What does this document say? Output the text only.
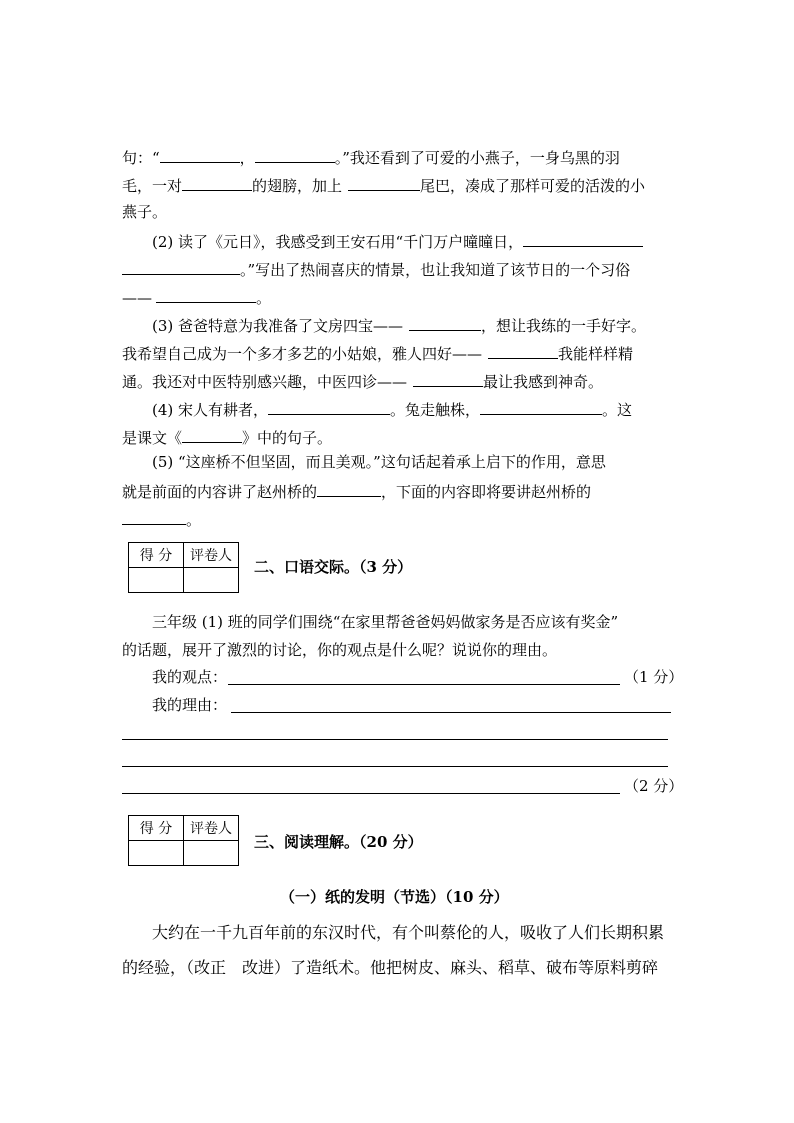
句：“	，	。”我还看到了可爱的小燕子，一身乌黑的羽
毛，一对	的翅膀，加上	尾巴，凑成了那样可爱的活泼的小
燕子。
(2) 读了《元日》，我感受到王安石用“千门万户曈曈日，
。”写出了热闹喜庆的情景，也让我知道了该节日的一个习俗
——	。
(3) 爸爸特意为我准备了文房四宝——	，想让我练的一手好字。
我希望自己成为一个多才多艺的小姑娘，雅人四好——	我能样样精
通。我还对中医特别感兴趣，中医四诊——	最让我感到神奇。
(4) 宋人有耕者，	。兔走触株，	。这
是课文《	》中的句子。
(5) “这座桥不但坚固，而且美观。”这句话起着承上启下的作用，意思
就是前面的内容讲了赵州桥的	，下面的内容即将要讲赵州桥的
。
得 分	评卷人

二、口语交际。（3 分）
三年级 (1) 班的同学们围绕“在家里帮爸爸妈妈做家务是否应该有奖金”
的话题，展开了激烈的讨论，你的观点是什么呢？说说你的理由。
我的观点：	（1 分）
我的理由：
（2 分）
得 分	评卷人

三、阅读理解。（20 分）
（一）纸的发明（节选）（10 分）
大约在一千九百年前的东汉时代，有个叫蔡伦的人，吸收了人们长期积累
的经验，（改正　改进）了造纸术。他把树皮、麻头、稻草、破布等原料剪碎
